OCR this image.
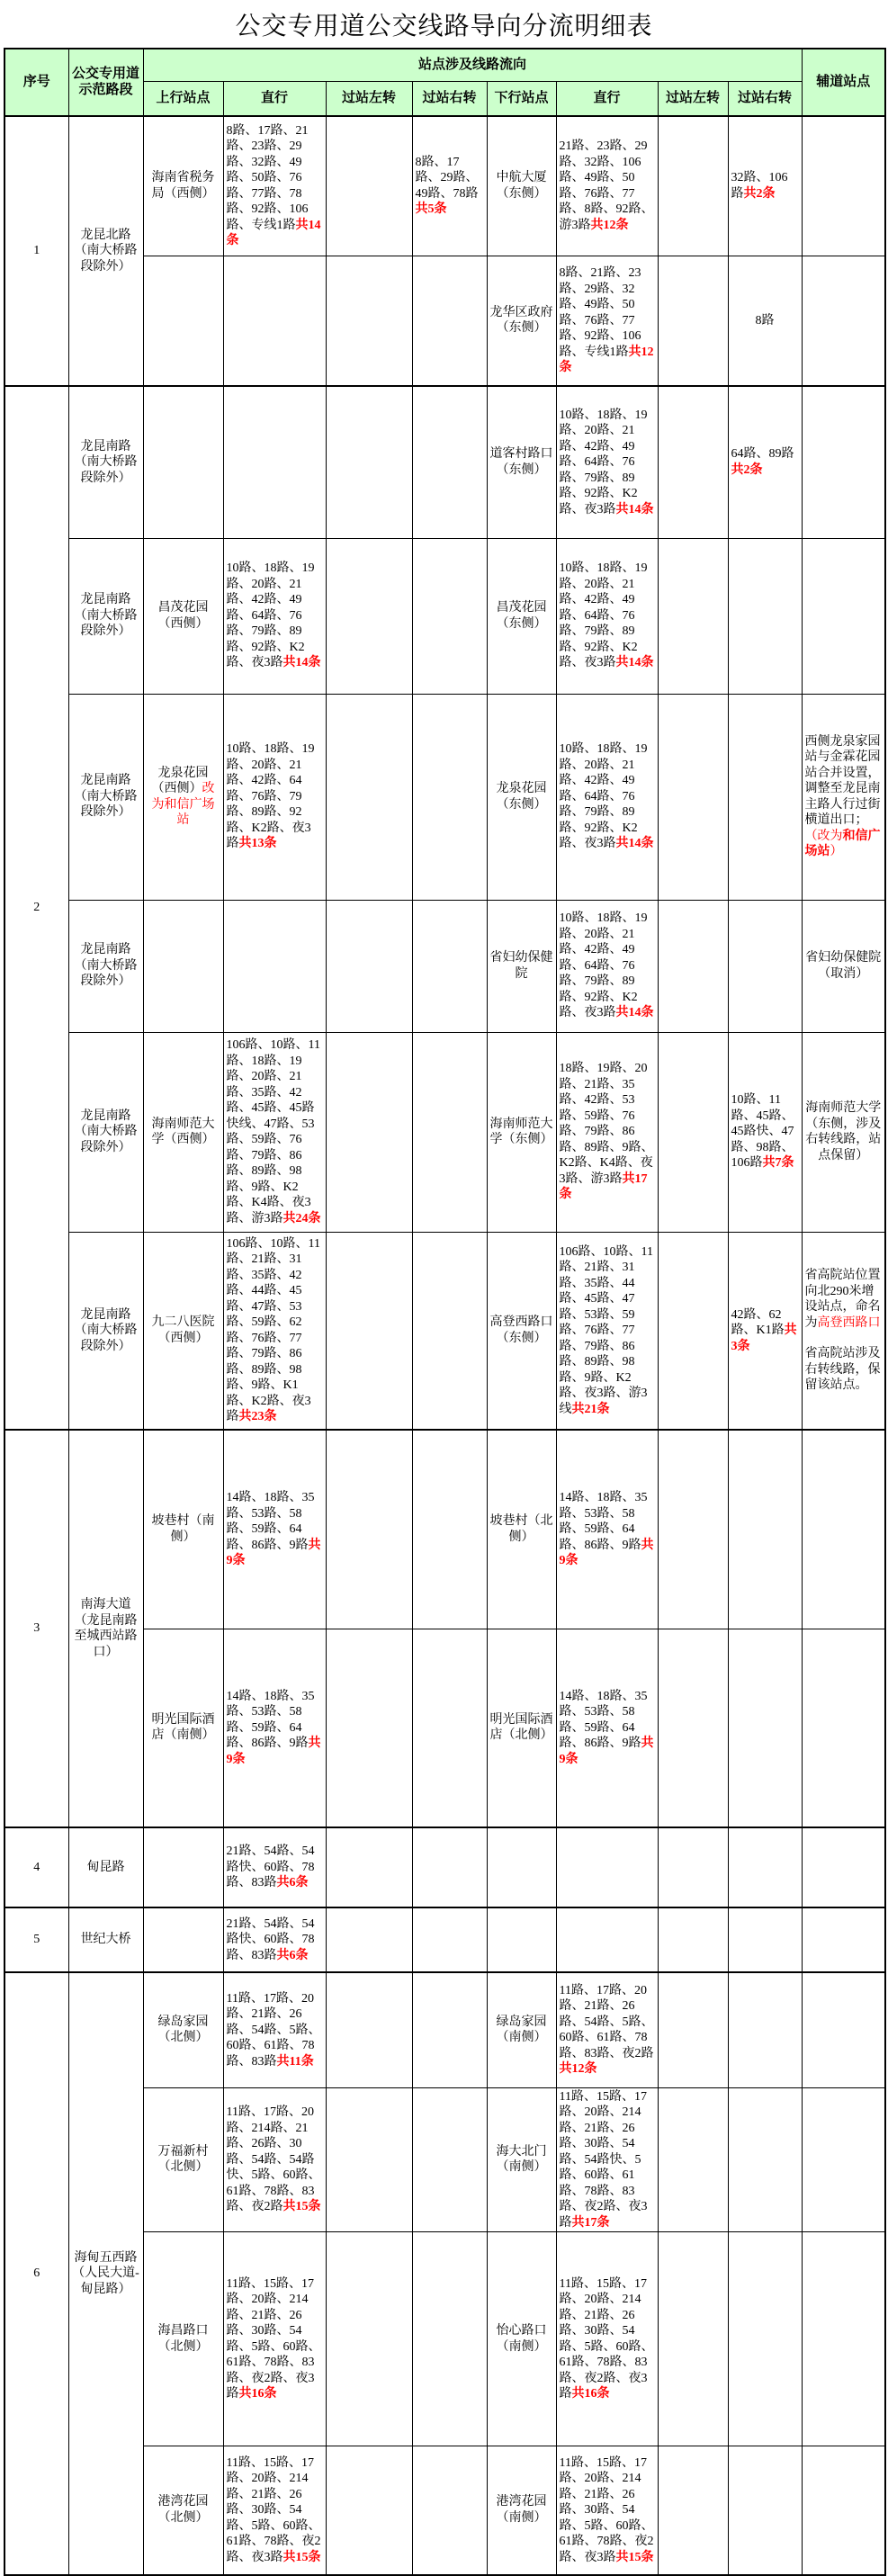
公交专用道公交线路导向分流明细表
序号	公交专用道示范路段	站点涉及线路流向								辅道站点
		上行站点	直行	过站左转	过站右转	下行站点	直行	过站左转	过站右转	
1	龙昆北路（南大桥路段除外）	海南省税务局（西侧）	8路、17路、21路、23路、29路、32路、49路、50路、76路、77路、78路、92路、106路、专线1路共14条		8路、17路、29路、49路、78路共5条	中航大厦（东侧）	21路、23路、29路、32路、106路、49路、50路、76路、77路、8路、92路、游3路共12条		32路、106路共2条	
						龙华区政府（东侧）	8路、21路、23路、29路、32路、49路、50路、76路、77路、92路、106路、专线1路共12条		8路	
2	龙昆南路（南大桥路段除外）					道客村路口（东侧）	10路、18路、19路、20路、21路、42路、49路、64路、76路、79路、89路、92路、K2路、夜3路共14条		64路、89路共2条	
	龙昆南路（南大桥路段除外）	昌茂花园（西侧）	10路、18路、19路、20路、21路、42路、49路、64路、76路、79路、89路、92路、K2路、夜3路共14条			昌茂花园（东侧）	10路、18路、19路、20路、21路、42路、49路、64路、76路、79路、89路、92路、K2路、夜3路共14条			
	龙昆南路（南大桥路段除外）	龙泉花园（西侧）改为和信广场站	10路、18路、19路、20路、21路、42路、64路、76路、79路、89路、92路、K2路、夜3路共13条			龙泉花园（东侧）	10路、18路、19路、20路、21路、42路、49路、64路、76路、79路、89路、92路、K2路、夜3路共14条			西侧龙泉家园站与金霖花园站合并设置，调整至龙昆南主路人行过街横道出口；（改为和信广场站）
	龙昆南路（南大桥路段除外）					省妇幼保健院	10路、18路、19路、20路、21路、42路、49路、64路、76路、79路、89路、92路、K2路、夜3路共14条			省妇幼保健院（取消）
	龙昆南路（南大桥路段除外）	海南师范大学（西侧）	106路、10路、11路、18路、19路、20路、21路、35路、42路、45路、45路快线、47路、53路、59路、76路、79路、86路、89路、98路、9路、K2路、K4路、夜3路、游3路共24条			海南师范大学（东侧）	18路、19路、20路、21路、35路、42路、53路、59路、76路、79路、86路、89路、9路、K2路、K4路、夜3路、游3路共17条		10路、11路、45路、45路快、47路、98路、106路共7条	海南师范大学（东侧，涉及右转线路，站点保留）
	龙昆南路（南大桥路段除外）	九二八医院（西侧）	106路、10路、11路、21路、31路、35路、42路、44路、45路、47路、53路、59路、62路、76路、77路、79路、86路、89路、98路、9路、K1路、K2路、夜3路共23条			高登西路口（东侧）	106路、10路、11路、21路、31路、35路、44路、45路、47路、53路、59路、76路、77路、79路、86路、89路、98路、9路、K2路、夜3路、游3线共21条		42路、62路、K1路共3条	省高院站位置向北290米增设站点，命名为高登西路口
省高院站涉及右转线路，保留该站点。
3	南海大道（龙昆南路至城西站路口）	坡巷村（南侧）	14路、18路、35路、53路、58路、59路、64路、86路、9路共9条			坡巷村（北侧）	14路、18路、35路、53路、58路、59路、64路、86路、9路共9条			
		明光国际酒店（南侧）	14路、18路、35路、53路、58路、59路、64路、86路、9路共9条			明光国际酒店（北侧）	14路、18路、35路、53路、58路、59路、64路、86路、9路共9条			
4	甸昆路		21路、54路、54路快、60路、78路、83路共6条							
5	世纪大桥		21路、54路、54路快、60路、78路、83路共6条							
6	海甸五西路（人民大道-甸昆路）	绿岛家园（北侧）	11路、17路、20路、21路、26路、54路、5路、60路、61路、78路、83路共11条			绿岛家园（南侧）	11路、17路、20路、21路、26路、54路、5路、60路、61路、78路、83路、夜2路共12条			
		万福新村（北侧）	11路、17路、20路、214路、21路、26路、30路、54路、54路快、5路、60路、61路、78路、83路、夜2路共15条			海大北门（南侧）	11路、15路、17路、20路、214路、21路、26路、30路、54路、54路快、5路、60路、61路、78路、83路、夜2路、夜3路共17条			
		海昌路口（北侧）	11路、15路、17路、20路、214路、21路、26路、30路、54路、5路、60路、61路、78路、83路、夜2路、夜3路共16条			怡心路口（南侧）	11路、15路、17路、20路、214路、21路、26路、30路、54路、5路、60路、61路、78路、83路、夜2路、夜3路共16条			
		港湾花园（北侧）	11路、15路、17路、20路、214路、21路、26路、30路、54路、5路、60路、61路、78路、夜2路、夜3路共15条			港湾花园（南侧）	11路、15路、17路、20路、214路、21路、26路、30路、54路、5路、60路、61路、78路、夜2路、夜3路共15条			
